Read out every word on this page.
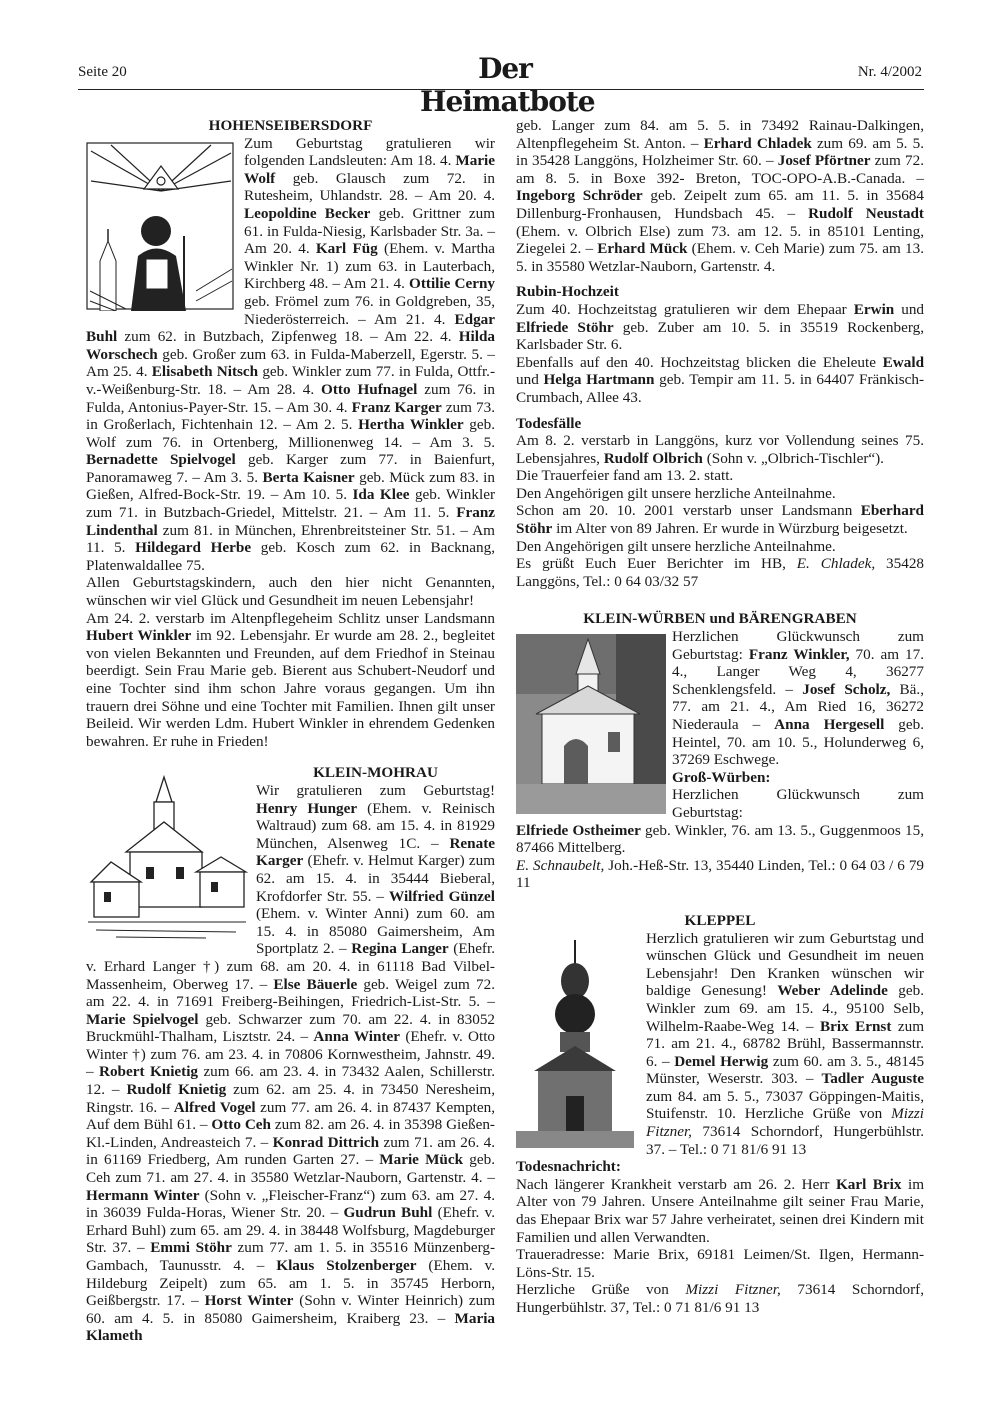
Seite 20	Der Heimatbote
Nr. 4/2002

HOHENSEIBERSDORF

Zum Geburtstag gratulieren wir folgenden Landsleuten: Am 18. 4. Marie Wolf geb. Glausch zum 72. in Rutesheim, Uhlandstr. 28. – Am 20. 4. Leopoldine Becker geb. Grittner zum 61. in Fulda-Niesig, Karlsbader Str. 3a. – Am 20. 4. Karl Füg (Ehem. v. Martha Winkler Nr. 1) zum 63. in Lauterbach, Kirchberg 48. – Am 21. 4. Ottilie Cerny geb. Frömel zum 76. in Goldgreben, 35, Niederösterreich. – Am 21. 4. Edgar Buhl zum 62. in Butzbach, Zipfenweg 18. – Am 22. 4. Hilda Worschech geb. Großer zum 63. in Fulda-Maberzell, Egerstr. 5. – Am 25. 4. Elisabeth Nitsch geb. Winkler zum 77. in Fulda, Ottfr.-v.-Weißenburg-Str. 18. – Am 28. 4. Otto Hufnagel zum 76. in Fulda, Antonius-Payer-Str. 15. – Am 30. 4. Franz Karger zum 73. in Großerlach, Fichtenhain 12. – Am 2. 5. Hertha Winkler geb. Wolf zum 76. in Ortenberg, Millionenweg 14. – Am 3. 5. Bernadette Spielvogel geb. Karger zum 77. in Baienfurt, Panoramaweg 7. – Am 3. 5. Berta Kaisner geb. Mück zum 83. in Gießen, Alfred-Bock-Str. 19. – Am 10. 5. Ida Klee geb. Winkler zum 71. in Butzbach-Griedel, Mittelstr. 21. – Am 11. 5. Franz Lindenthal zum 81. in München, Ehrenbreitsteiner Str. 51. – Am 11. 5. Hildegard Herbe geb. Kosch zum 62. in Backnang, Platenwaldallee 75.

Allen Geburtstagskindern, auch den hier nicht Genannten, wünschen wir viel Glück und Gesundheit im neuen Lebensjahr!

Am 24. 2. verstarb im Altenpflegeheim Schlitz unser Landsmann Hubert Winkler im 92. Lebensjahr. Er wurde am 28. 2., begleitet von vielen Bekannten und Freunden, auf dem Friedhof in Steinau beerdigt. Sein Frau Marie geb. Bierent aus Schubert-Neudorf und eine Tochter sind ihm schon Jahre voraus gegangen. Um ihn trauern drei Söhne und eine Tochter mit Familien. Ihnen gilt unser Beileid. Wir werden Ldm. Hubert Winkler in ehrendem Gedenken bewahren. Er ruhe in Frieden!

KLEIN-MOHRAU

Wir gratulieren zum Geburtstag! Henry Hunger (Ehem. v. Reinisch Waltraud) zum 68. am 15. 4. in 81929 München, Alsenweg 1C. – Renate Karger (Ehefr. v. Helmut Karger) zum 62. am 15. 4. in 35444 Bieberal, Krofdorfer Str. 55. – Wilfried Günzel (Ehem. v. Winter Anni) zum 60. am 15. 4. in 85080 Gaimersheim, Am Sportplatz 2. – Regina Langer (Ehefr. v. Erhard Langer †) zum 68. am 20. 4. in 61118 Bad Vilbel-Massenheim, Oberweg 17. – Else Bäuerle geb. Weigel zum 72. am 22. 4. in 71691 Freiberg-Beihingen, Friedrich-List-Str. 5. – Marie Spielvogel geb. Schwarzer zum 70. am 22. 4. in 83052 Bruckmühl-Thalham, Lisztstr. 24. – Anna Winter (Ehefr. v. Otto Winter †) zum 76. am 23. 4. in 70806 Kornwestheim, Jahnstr. 49. – Robert Knietig zum 66. am 23. 4. in 73432 Aalen, Schillerstr. 12. – Rudolf Knietig zum 62. am 25. 4. in 73450 Neresheim, Ringstr. 16. – Alfred Vogel zum 77. am 26. 4. in 87437 Kempten, Auf dem Bühl 61. – Otto Ceh zum 82. am 26. 4. in 35398 Gießen-Kl.-Linden, Andreasteich 7. – Konrad Dittrich zum 71. am 26. 4. in 61169 Friedberg, Am runden Garten 27. – Marie Mück geb. Ceh zum 71. am 27. 4. in 35580 Wetzlar-Nauborn, Gartenstr. 4. – Hermann Winter (Sohn v. „Fleischer-Franz“) zum 63. am 27. 4. in 36039 Fulda-Horas, Wiener Str. 20. – Gudrun Buhl (Ehefr. v. Erhard Buhl) zum 65. am 29. 4. in 38448 Wolfsburg, Magdeburger Str. 37. – Emmi Stöhr zum 77. am 1. 5. in 35516 Münzenberg-Gambach, Taunusstr. 4. – Klaus Stolzenberger (Ehem. v. Hildeburg Zeipelt) zum 65. am 1. 5. in 35745 Herborn, Geißbergstr. 17. – Horst Winter (Sohn v. Winter Heinrich) zum 60. am 4. 5. in 85080 Gaimersheim, Kraiberg 23. – Maria Klameth

geb. Langer zum 84. am 5. 5. in 73492 Rainau-Dalkingen, Altenpflegeheim St. Anton. – Erhard Chladek zum 69. am 5. 5. in 35428 Langgöns, Holzheimer Str. 60. – Josef Pförtner zum 72. am 8. 5. in Boxe 392- Breton, TOC-OPO-A.B.-Canada. – Ingeborg Schröder geb. Zeipelt zum 65. am 11. 5. in 35684 Dillenburg-Fronhausen, Hundsbach 45. – Rudolf Neustadt (Ehem. v. Olbrich Else) zum 73. am 12. 5. in 85101 Lenting, Ziegelei 2. – Erhard Mück (Ehem. v. Ceh Marie) zum 75. am 13. 5. in 35580 Wetzlar-Nauborn, Gartenstr. 4.

Rubin-Hochzeit

Zum 40. Hochzeitstag gratulieren wir dem Ehepaar Erwin und Elfriede Stöhr geb. Zuber am 10. 5. in 35519 Rockenberg, Karlsbader Str. 6.

Ebenfalls auf den 40. Hochzeitstag blicken die Eheleute Ewald und Helga Hartmann geb. Tempir am 11. 5. in 64407 Fränkisch-Crumbach, Allee 43.

Todesfälle

Am 8. 2. verstarb in Langgöns, kurz vor Vollendung seines 75. Lebensjahres, Rudolf Olbrich (Sohn v. „Olbrich-Tischler“).

Die Trauerfeier fand am 13. 2. statt.

Den Angehörigen gilt unsere herzliche Anteilnahme.

Schon am 20. 10. 2001 verstarb unser Landsmann Eberhard Stöhr im Alter von 89 Jahren. Er wurde in Würzburg beigesetzt.

Den Angehörigen gilt unsere herzliche Anteilnahme.

Es grüßt Euch Euer Berichter im HB, E. Chladek, 35428 Langgöns, Tel.: 0 64 03/32 57

KLEIN-WÜRBEN und BÄRENGRABEN

Herzlichen Glückwunsch zum Geburtstag: Franz Winkler, 70. am 17. 4., Langer Weg 4, 36277 Schenklengsfeld. – Josef Scholz, Bä., 77. am 21. 4., Am Ried 16, 36272 Niederaula – Anna Hergesell geb. Heintel, 70. am 10. 5., Holunderweg 6, 37269 Eschwege.

Groß-Würben:

Herzlichen Glückwunsch zum Geburtstag:

Elfriede Ostheimer geb. Winkler, 76. am 13. 5., Guggenmoos 15, 87466 Mittelberg.

E. Schnaubelt, Joh.-Heß-Str. 13, 35440 Linden, Tel.: 0 64 03 / 6 79 11

KLEPPEL

Herzlich gratulieren wir zum Geburtstag und wünschen Glück und Gesundheit im neuen Lebensjahr! Den Kranken wünschen wir baldige Genesung! Weber Adelinde geb. Winkler zum 69. am 15. 4., 95100 Selb, Wilhelm-Raabe-Weg 14. – Brix Ernst zum 71. am 21. 4., 68782 Brühl, Bassermannstr. 6. – Demel Herwig zum 60. am 3. 5., 48145 Münster, Weserstr. 303. – Tadler Auguste zum 84. am 5. 5., 73037 Göppingen-Maitis, Stuifenstr. 10. Herzliche Grüße von Mizzi Fitzner, 73614 Schorndorf, Hungerbühlstr. 37. – Tel.: 0 71 81/6 91 13

Todesnachricht:

Nach längerer Krankheit verstarb am 26. 2. Herr Karl Brix im Alter von 79 Jahren. Unsere Anteilnahme gilt seiner Frau Marie, das Ehepaar Brix war 57 Jahre verheiratet, seinen drei Kindern mit Familien und allen Verwandten.

Traueradresse: Marie Brix, 69181 Leimen/St. Ilgen, Hermann-Löns-Str. 15.

Herzliche Grüße von Mizzi Fitzner, 73614 Schorndorf, Hungerbühlstr. 37, Tel.: 0 71 81/6 91 13
